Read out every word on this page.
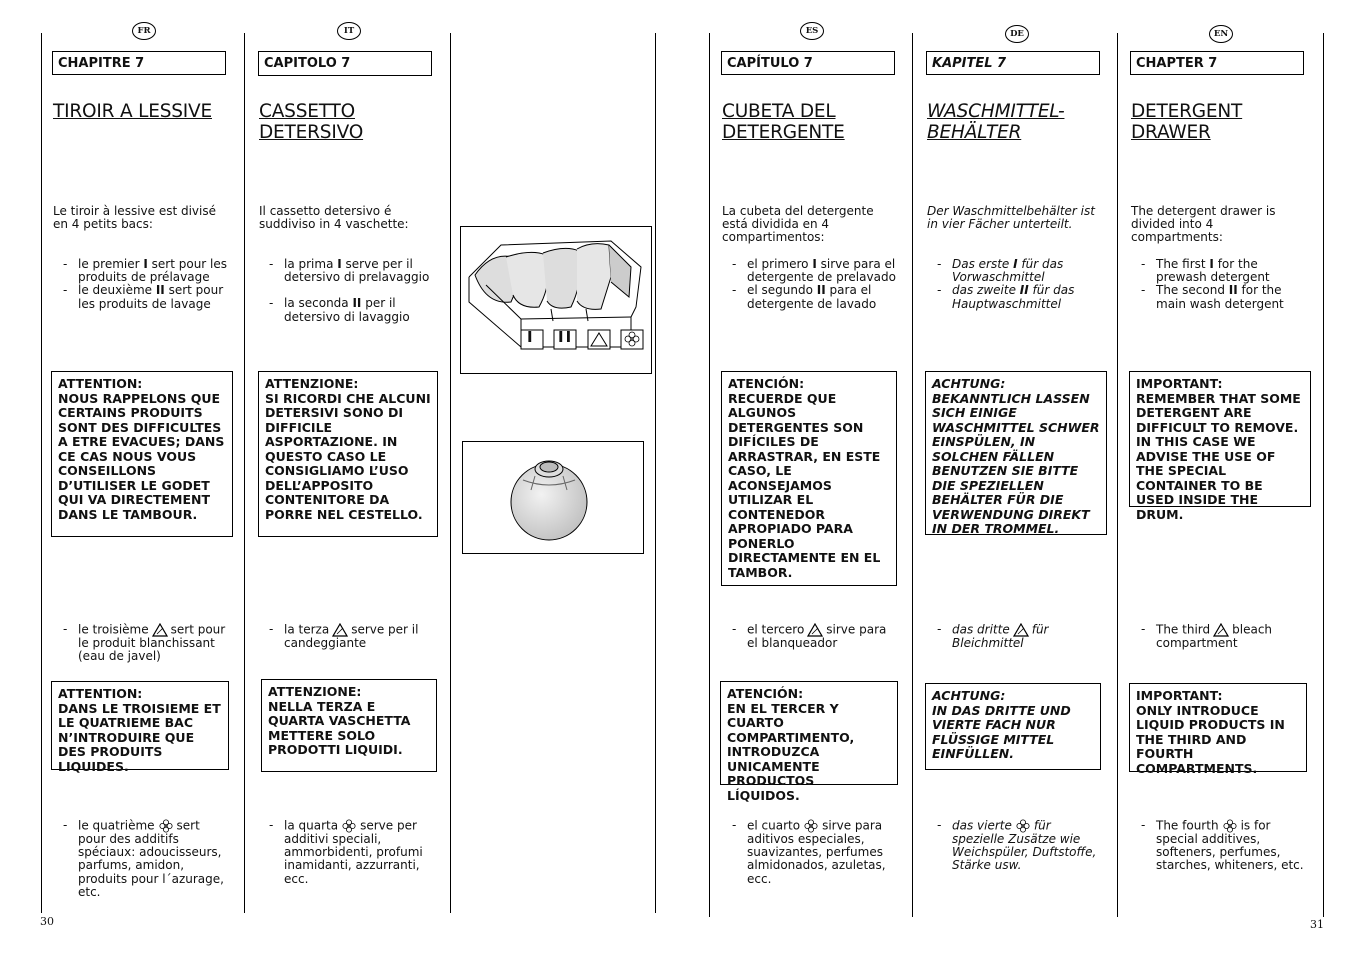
FR
CHAPITRE 7
TIROIR A LESSIVE
Le tiroir à lessive est divisé en 4 petits bacs:
- le premier I sert pour les produits de prélavage
- le deuxième II sert pour les produits de lavage
ATTENTION:
NOUS RAPPELONS QUE CERTAINS PRODUITS SONT DES DIFFICULTES A ETRE EVACUES; DANS CE CAS NOUS VOUS CONSEILLONS D’UTILISER LE GODET QUI VA DIRECTEMENT DANS LE TAMBOUR.
le troisième sert pour le produit blanchissant (eau de javel)
-
ATTENTION:
DANS LE TROISIEME ET LE QUATRIEME BAC N’INTRODUIRE QUE DES PRODUITS LIQUIDES.
le quatrième sert pour des additifs spéciaux: adoucisseurs, parfums, amidon, produits pour l´azurage, etc.
-
IT
CAPITOLO 7
CASSETTO DETERSIVO
Il cassetto detersivo é suddiviso in 4 vaschette:
- la prima I serve per il detersivo di prelavaggio
- la seconda II per il detersivo di lavaggio
ATTENZIONE:
SI RICORDI CHE ALCUNI DETERSIVI SONO DI DIFFICILE ASPORTAZIONE. IN QUESTO CASO LE CONSIGLIAMO L’USO DELL’APPOSITO CONTENITORE DA PORRE NEL CESTELLO.
la terza serve per il candeggiante
-
ATTENZIONE:
NELLA TERZA E QUARTA VASCHETTA METTERE SOLO PRODOTTI LIQUIDI.
la quarta serve per additivi speciali, ammorbidenti, profumi inamidanti, azzurranti, ecc.
-
I II
ES
CAPÍTULO 7
CUBETA DEL DETERGENTE
La cubeta del detergente está dividida en 4 compartimentos:
- el primero I sirve para el detergente de prelavado
- el segundo II para el detergente de lavado
ATENCIÓN:
RECUERDE QUE ALGUNOS DETERGENTES SON DIFÍCILES DE ARRASTRAR, EN ESTE CASO, LE ACONSEJAMOS UTILIZAR EL CONTENEDOR APROPIADO PARA PONERLO DIRECTAMENTE EN EL TAMBOR.
el tercero sirve para el blanqueador
-
ATENCIÓN:
EN EL TERCER Y CUARTO COMPARTIMENTO, INTRODUZCA UNICAMENTE PRODUCTOS LÍQUIDOS.
el cuarto sirve para aditivos especiales, suavizantes, perfumes almidonados, azuletas, ecc.
-
DE
KAPITEL 7
WASCHMITTEL-BEHÄLTER
Der Waschmittelbehälter ist in vier Fächer unterteilt.
- Das erste I für das Vorwaschmittel
- das zweite II für das Hauptwaschmittel
ACHTUNG:
BEKANNTLICH LASSEN SICH EINIGE WASCHMITTEL SCHWER EINSPÜLEN, IN SOLCHEN FÄLLEN BENUTZEN SIE BITTE DIE SPEZIELLEN BEHÄLTER FÜR DIE VERWENDUNG DIREKT IN DER TROMMEL.
das dritte für Bleichmittel
-
ACHTUNG:
IN DAS DRITTE UND VIERTE FACH NUR FLÜSSIGE MITTEL EINFÜLLEN.
das vierte für spezielle Zusätze wie Weichspüler, Duftstoffe, Stärke usw.
-
EN
CHAPTER 7
DETERGENT DRAWER
The detergent drawer is divided into 4 compartments:
- The first I for the prewash detergent
- The second II for the main wash detergent
IMPORTANT:
REMEMBER THAT SOME DETERGENT ARE DIFFICULT TO REMOVE. IN THIS CASE WE ADVISE THE USE OF THE SPECIAL CONTAINER TO BE USED INSIDE THE DRUM.
The third bleach compartment
-
IMPORTANT:
ONLY INTRODUCE LIQUID PRODUCTS IN THE THIRD AND FOURTH COMPARTMENTS.
The fourth is for special additives, softeners, perfumes, starches, whiteners, etc.
-
30	31
